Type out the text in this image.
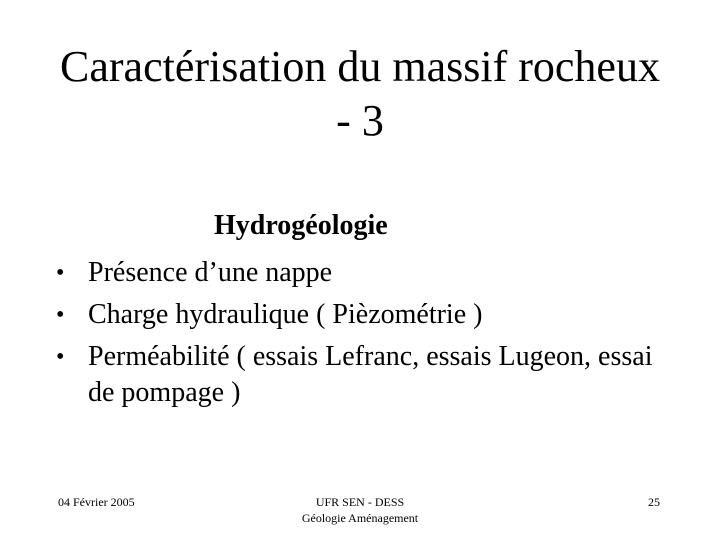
Caractérisation du massif rocheux
- 3
Hydrogéologie
• Présence d’une nappe
• Charge hydraulique ( Pièzométrie )
• Perméabilité ( essais Lefranc, essais Lugeon, essai de pompage )
04 Février 2005	UFR SEN - DESS
Géologie Aménagement
25
